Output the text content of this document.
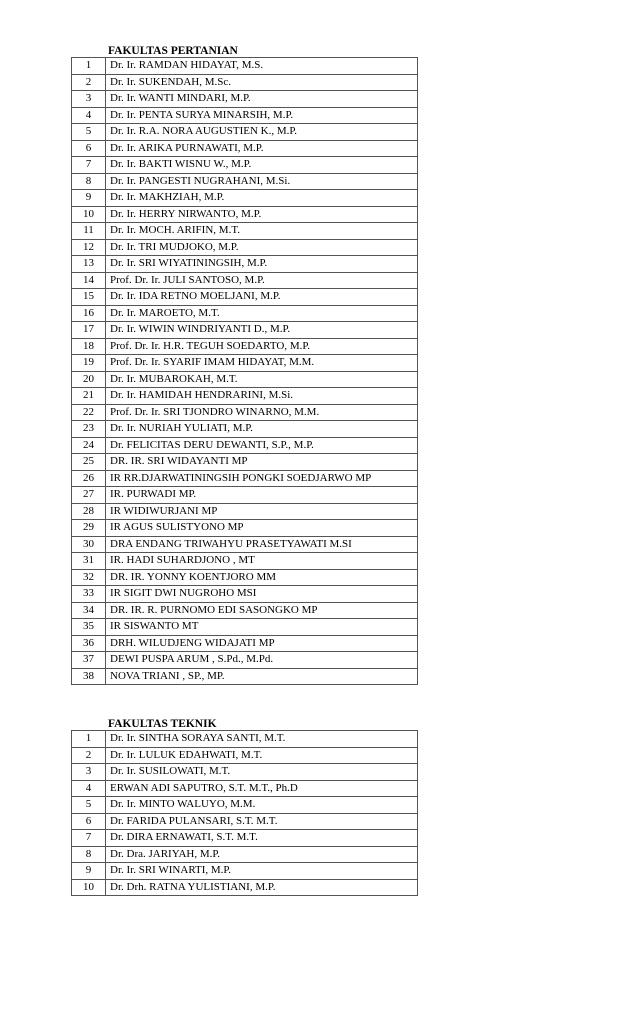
FAKULTAS PERTANIAN
1	Dr. Ir. RAMDAN HIDAYAT, M.S.
2	Dr. Ir. SUKENDAH, M.Sc.
3	Dr. Ir. WANTI MINDARI, M.P.
4	Dr. Ir. PENTA SURYA MINARSIH, M.P.
5	Dr. Ir. R.A. NORA AUGUSTIEN K., M.P.
6	Dr. Ir. ARIKA PURNAWATI, M.P.
7	Dr. Ir. BAKTI WISNU W., M.P.
8	Dr. Ir. PANGESTI NUGRAHANI, M.Si.
9	Dr. Ir. MAKHZIAH, M.P.
10	Dr. Ir. HERRY NIRWANTO, M.P.
11	Dr. Ir. MOCH. ARIFIN, M.T.
12	Dr. Ir. TRI MUDJOKO, M.P.
13	Dr. Ir. SRI WIYATININGSIH, M.P.
14	Prof. Dr. Ir. JULI SANTOSO, M.P.
15	Dr. Ir. IDA RETNO MOELJANI, M.P.
16	Dr. Ir. MAROETO, M.T.
17	Dr. Ir. WIWIN WINDRIYANTI D., M.P.
18	Prof. Dr. Ir. H.R. TEGUH SOEDARTO, M.P.
19	Prof. Dr. Ir. SYARIF IMAM HIDAYAT, M.M.
20	Dr. Ir. MUBAROKAH, M.T.
21	Dr. Ir. HAMIDAH HENDRARINI, M.Si.
22	Prof. Dr. Ir. SRI TJONDRO WINARNO, M.M.
23	Dr. Ir. NURIAH YULIATI, M.P.
24	Dr. FELICITAS DERU DEWANTI, S.P., M.P.
25	DR. IR. SRI WIDAYANTI MP
26	IR RR.DJARWATININGSIH PONGKI SOEDJARWO MP
27	IR. PURWADI MP.
28	IR WIDIWURJANI MP
29	IR AGUS SULISTYONO MP
30	DRA ENDANG TRIWAHYU PRASETYAWATI M.SI
31	IR. HADI SUHARDJONO , MT
32	DR. IR. YONNY KOENTJORO MM
33	IR SIGIT DWI NUGROHO MSI
34	DR. IR. R. PURNOMO EDI SASONGKO MP
35	IR SISWANTO MT
36	DRH. WILUDJENG WIDAJATI MP
37	DEWI PUSPA ARUM , S.Pd., M.Pd.
38	NOVA TRIANI , SP., MP.
FAKULTAS TEKNIK
1	Dr. Ir. SINTHA SORAYA SANTI, M.T.
2	Dr. Ir. LULUK EDAHWATI, M.T.
3	Dr. Ir. SUSILOWATI, M.T.
4	ERWAN ADI SAPUTRO, S.T. M.T., Ph.D
5	Dr. Ir. MINTO WALUYO, M.M.
6	Dr. FARIDA PULANSARI, S.T. M.T.
7	Dr. DIRA ERNAWATI, S.T. M.T.
8	Dr. Dra. JARIYAH, M.P.
9	Dr. Ir. SRI WINARTI, M.P.
10	Dr. Drh. RATNA YULISTIANI, M.P.
